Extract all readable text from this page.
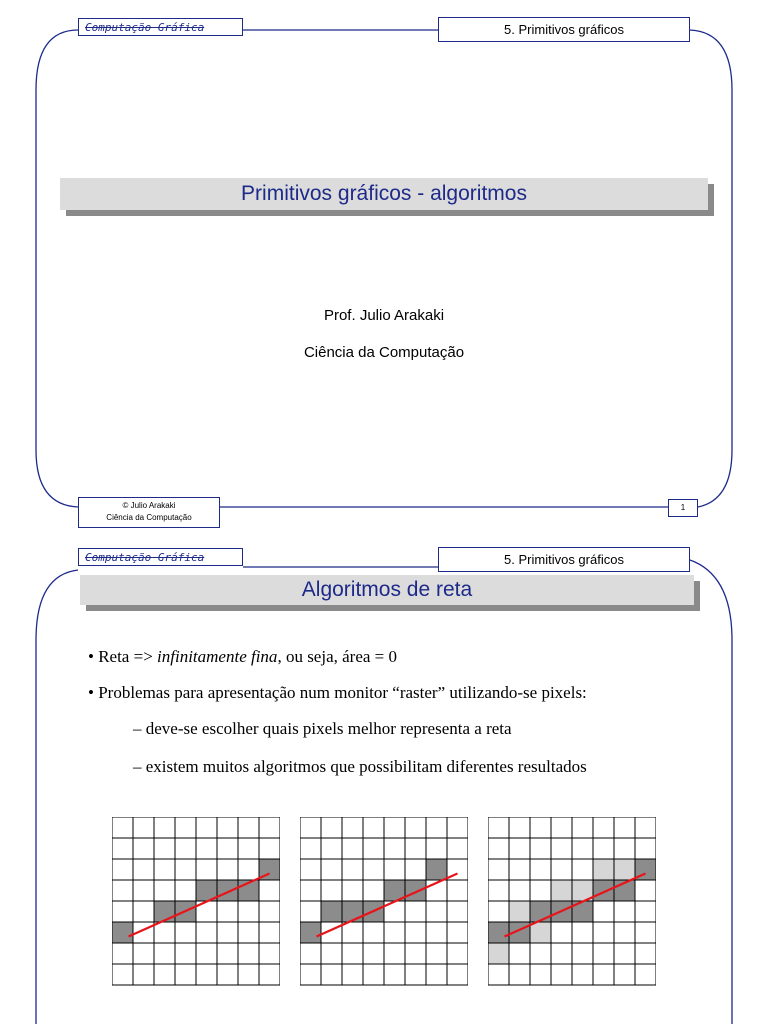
Computação Gráfica	5. Primitivos gráficos
Primitivos gráficos - algoritmos
Prof. Julio Arakaki
Ciência da Computação
© Julio Arakaki
Ciência da Computação
1
Computação Gráfica	5. Primitivos gráficos
Algoritmos de reta
• Reta => infinitamente fina, ou seja, área = 0
• Problemas para apresentação num monitor “raster” utilizando-se pixels:
– deve-se escolher quais pixels melhor representa a reta
– existem muitos algoritmos que possibilitam diferentes resultados
